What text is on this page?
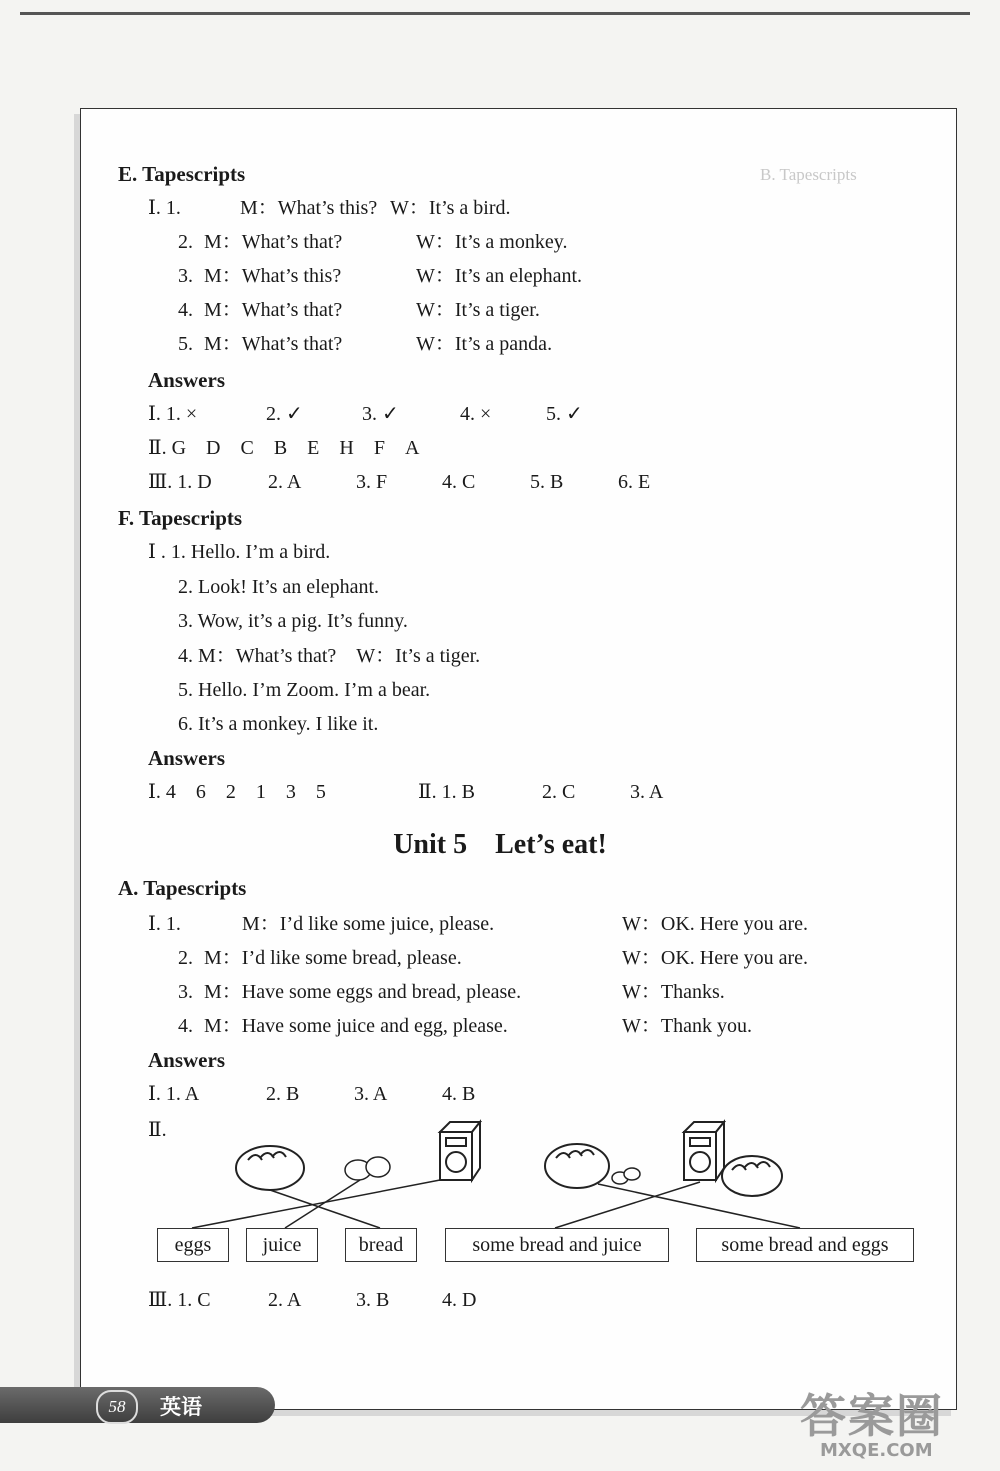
B. Tapescripts
E. Tapescripts
Ⅰ. 1.	M：What’s this? W：It’s a bird.
2. M：What’s that?	W：It’s a monkey.
3. M：What’s this?	W：It’s an elephant.
4. M：What’s that?	W：It’s a tiger.
5. M：What’s that?	W：It’s a panda.
Answers
Ⅰ. 1. ×	2. ✓	3. ✓	4. ×	5. ✓
Ⅱ. G　D　C　B　E　H　F　A
Ⅲ. 1. D	2. A	3. F	4. C	5. B	6. E
F. Tapescripts
Ⅰ . 1. Hello. I’m a bird.
2. Look! It’s an elephant.
3. Wow, it’s a pig. It’s funny.
4. M：What’s that?　W：It’s a tiger.
5. Hello. I’m Zoom. I’m a bear.
6. It’s a monkey. I like it.
Answers
Ⅰ. 4　6　2　1　3　5	Ⅱ. 1. B	2. C	3. A
Unit 5　Let’s eat!
A. Tapescripts
Ⅰ. 1.	M：I’d like some juice, please.	W：OK. Here you are.
2. M：I’d like some bread, please.	W：OK. Here you are.
3. M：Have some eggs and bread, please.	W：Thanks.
4. M：Have some juice and egg, please.	W：Thank you.
Answers
Ⅰ. 1. A	2. B	3. A	4. B
Ⅱ.
eggs	juice	bread	some bread and juice	some bread and eggs
Ⅲ. 1. C	2. A	3. B	4. D
58	英语	答案圈
MXQE.COM
